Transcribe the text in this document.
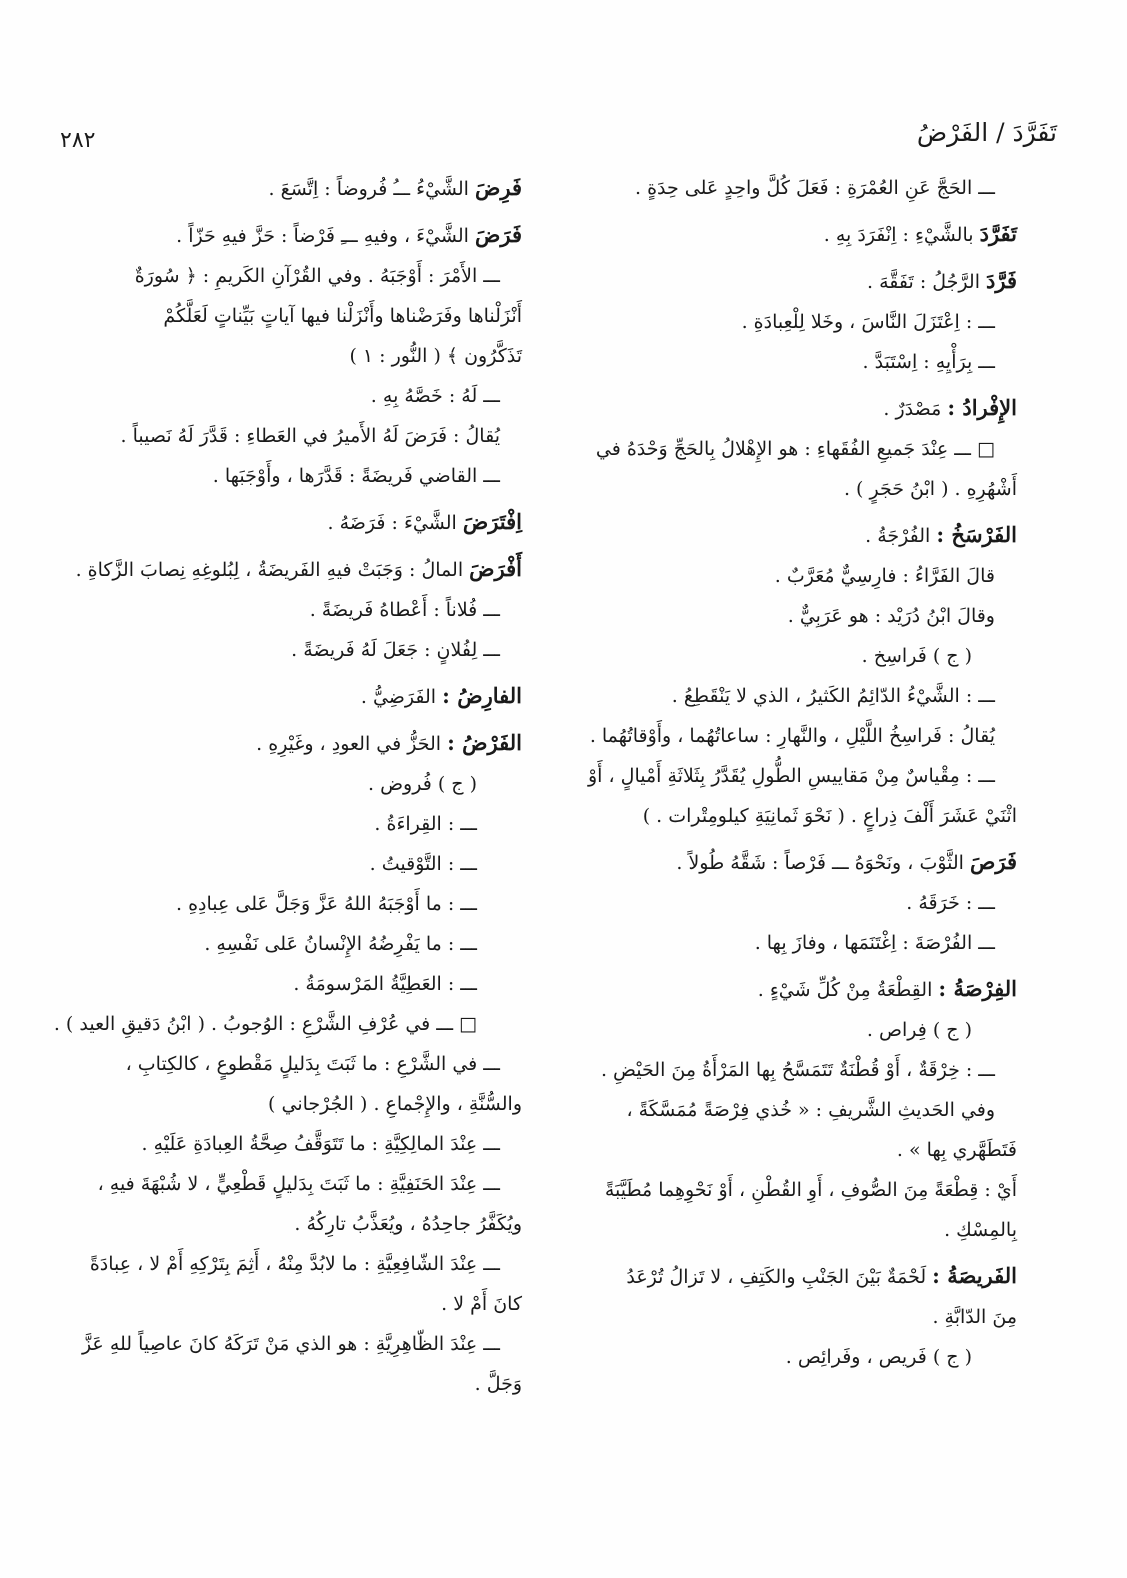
٢٨٢	تَفَرَّدَ / الفَرْضُ
ـــ الحَجَّ عَنِ العُمْرَةِ : فَعَلَ كُلَّ واحِدٍ عَلى حِدَةٍ .
تَفَرَّدَ بالشَّيْءِ : اِنْفَرَدَ بِهِ .
فَرَّدَ الرَّجُلُ : تَفَقَّهَ .
ـــ : اِعْتَزَلَ النَّاسَ ، وخَلا لِلْعِبادَةِ .
ـــ بِرَأْيِهِ : اِسْتَبَدَّ .
الإِفْرادُ : مَصْدَرٌ .
□ ـــ عِنْدَ جَميعِ الفُقَهاءِ : هو الإِهْلالُ بِالحَجِّ وَحْدَهُ في
أَشْهُرِهِ . ( ابْنُ حَجَرٍ ) .
الفَرْسَخُ : الفُرْجَةُ .
قالَ الفَرَّاءُ : فارِسِيٌّ مُعَرَّبٌ .
وقالَ ابْنُ دُرَيْد : هو عَرَبِيٌّ .
( ج ) فَراسِخ .
ـــ : الشَّيْءُ الدّائِمُ الكَثيرُ ، الذي لا يَنْقَطِعُ .
يُقالُ : فَراسِخُ اللَّيْلِ ، والنَّهارِ : ساعاتُهُما ، وأَوْقاتُهُما .
ـــ : مِقْياسٌ مِنْ مَقاييسِ الطُّولِ يُقَدَّرُ بِثَلاثَةِ أَمْيالٍ ، أَوْ
اثْنَيْ عَشَرَ أَلْفَ ذِراعٍ . ( نَحْوَ ثَمانِيَةِ كيلومِتْرات . )
فَرَصَ الثَّوْبَ ، ونَحْوَهُ ـــ فَرْصاً : شَقَّهُ طُولاً .
ـــ : خَرَقَهُ .
ـــ الفُرْصَةَ : اِغْتَنَمَها ، وفازَ بِها .
الفِرْصَةُ : القِطْعَةُ مِنْ كُلِّ شَيْءٍ .
( ج ) فِراص .
ـــ : خِرْقَةٌ ، أَوْ قُطْنَةٌ تَتَمَسَّحُ بِها المَرْأَةُ مِنَ الحَيْضِ .
وفي الحَديثِ الشَّريفِ : « خُذي فِرْصَةً مُمَسَّكَةً ،
فَتَطَهَّري بِها » .
أَيْ : قِطْعَةً مِنَ الصُّوفِ ، أَوِ القُطْنِ ، أَوْ نَحْوِهِما مُطَيَّبَةً
بِالمِسْكِ .
الفَريصَةُ : لَحْمَةٌ بَيْنَ الجَنْبِ والكَتِفِ ، لا تَزالُ تُرْعَدُ
مِنَ الدّابَّةِ .
( ج ) فَريص ، وفَرائِص .
فَرِضَ الشَّيْءُ ـــُ فُروضاً : اِتَّسَعَ .
فَرَضَ الشَّيْءَ ، وفيهِ ـــِ فَرْضاً : حَزَّ فيهِ حَزّاً .
ـــ الأَمْرَ : أَوْجَبَهُ . وفي القُرْآنِ الكَريمِ : ﴿ سُورَةٌ
أَنْزَلْناها وفَرَضْناها وأَنْزَلْنا فيها آياتٍ بَيِّناتٍ لَعَلَّكُمْ
تَذَكَّرُون ﴾ ( النُّور : ١ )
ـــ لَهُ : خَصَّهُ بِهِ .
يُقالُ : فَرَضَ لَهُ الأَميرُ في العَطاءِ : قَدَّرَ لَهُ نَصيباً .
ـــ القاضي فَريضَةً : قَدَّرَها ، وأَوْجَبَها .
اِفْتَرَضَ الشَّيْءَ : فَرَضَهُ .
أَفْرَضَ المالُ : وَجَبَتْ فيهِ الفَريضَةُ ، لِبُلوغِهِ نِصابَ الزَّكاةِ .
ـــ فُلاناً : أَعْطاهُ فَريضَةً .
ـــ لِفُلانٍ : جَعَلَ لَهُ فَريضَةً .
الفارِضُ : الفَرَضِيُّ .
الفَرْضُ : الحَزُّ في العودِ ، وغَيْرِهِ .
( ج ) فُروض .
ـــ : القِراءَةُ .
ـــ : التَّوْقيتُ .
ـــ : ما أَوْجَبَهُ اللهُ عَزَّ وَجَلَّ عَلى عِبادِهِ .
ـــ : ما يَفْرِضُهُ الإِنْسانُ عَلى نَفْسِهِ .
ـــ : العَطِيَّةُ المَرْسومَةُ .
□ ـــ في عُرْفِ الشَّرْعِ : الوُجوبُ . ( ابْنُ دَقيقِ العيد ) .
ـــ في الشَّرْعِ : ما ثَبَتَ بِدَليلٍ مَقْطوعٍ ، كالكِتابِ ،
والسُّنَّةِ ، والإِجْماعِ . ( الجُرْجاني )
ـــ عِنْدَ المالِكِيَّةِ : ما تَتَوَقَّفُ صِحَّةُ العِبادَةِ عَلَيْهِ .
ـــ عِنْدَ الحَنَفِيَّةِ : ما ثَبَتَ بِدَليلٍ قَطْعِيٍّ ، لا شُبْهَةَ فيهِ ،
ويُكَفَّرُ جاحِدُهُ ، ويُعَذَّبُ تارِكُهُ .
ـــ عِنْدَ الشّافِعِيَّةِ : ما لابُدَّ مِنْهُ ، أَثِمَ بِتَرْكِهِ أَمْ لا ، عِبادَةً
كانَ أَمْ لا .
ـــ عِنْدَ الظّاهِرِيَّةِ : هو الذي مَنْ تَرَكَهُ كانَ عاصِياً للهِ عَزَّ
وَجَلَّ .
